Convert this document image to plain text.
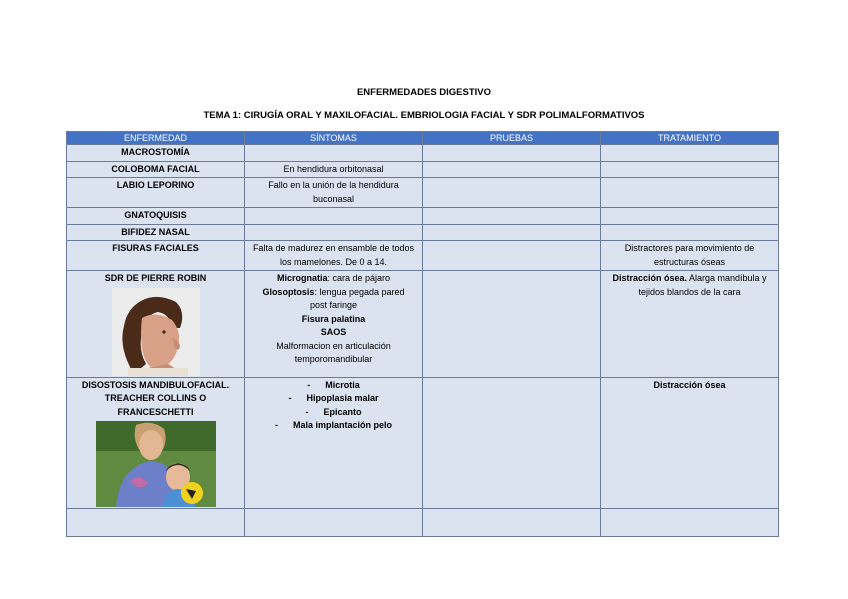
ENFERMEDADES DIGESTIVO
TEMA 1: CIRUGÍA ORAL Y MAXILOFACIAL. EMBRIOLOGIA FACIAL Y SDR POLIMALFORMATIVOS
ENFERMEDAD	SÍNTOMAS	PRUEBAS	TRATAMIENTO
MACROSTOMÍA			
COLOBOMA FACIAL	En hendidura orbitonasal		
LABIO LEPORINO	Fallo en la unión de la hendidura buconasal		
GNATOQUISIS			
BIFIDEZ NASAL			
FISURAS FACIALES	Falta de madurez en ensamble de todos los mamelones. De 0 a 14.		Distractores para movimiento de estructuras óseas

SDR DE PIERRE ROBIN	Micrognatia: cara de pájaro
Glosoptosis: lengua pegada pared post faringe
Fisura palatina
SAOS
Malformacion en articulación temporomandibular		Distracción ósea. Alarga mandíbula y tejidos blandos de la cara

DISOSTOSIS MANDIBULOFACIAL. TREACHER COLLINS O FRANCESCHETTI	- Microtia
- Hipoplasia malar
- Epicanto
- Mala implantación pelo		Distracción ósea
